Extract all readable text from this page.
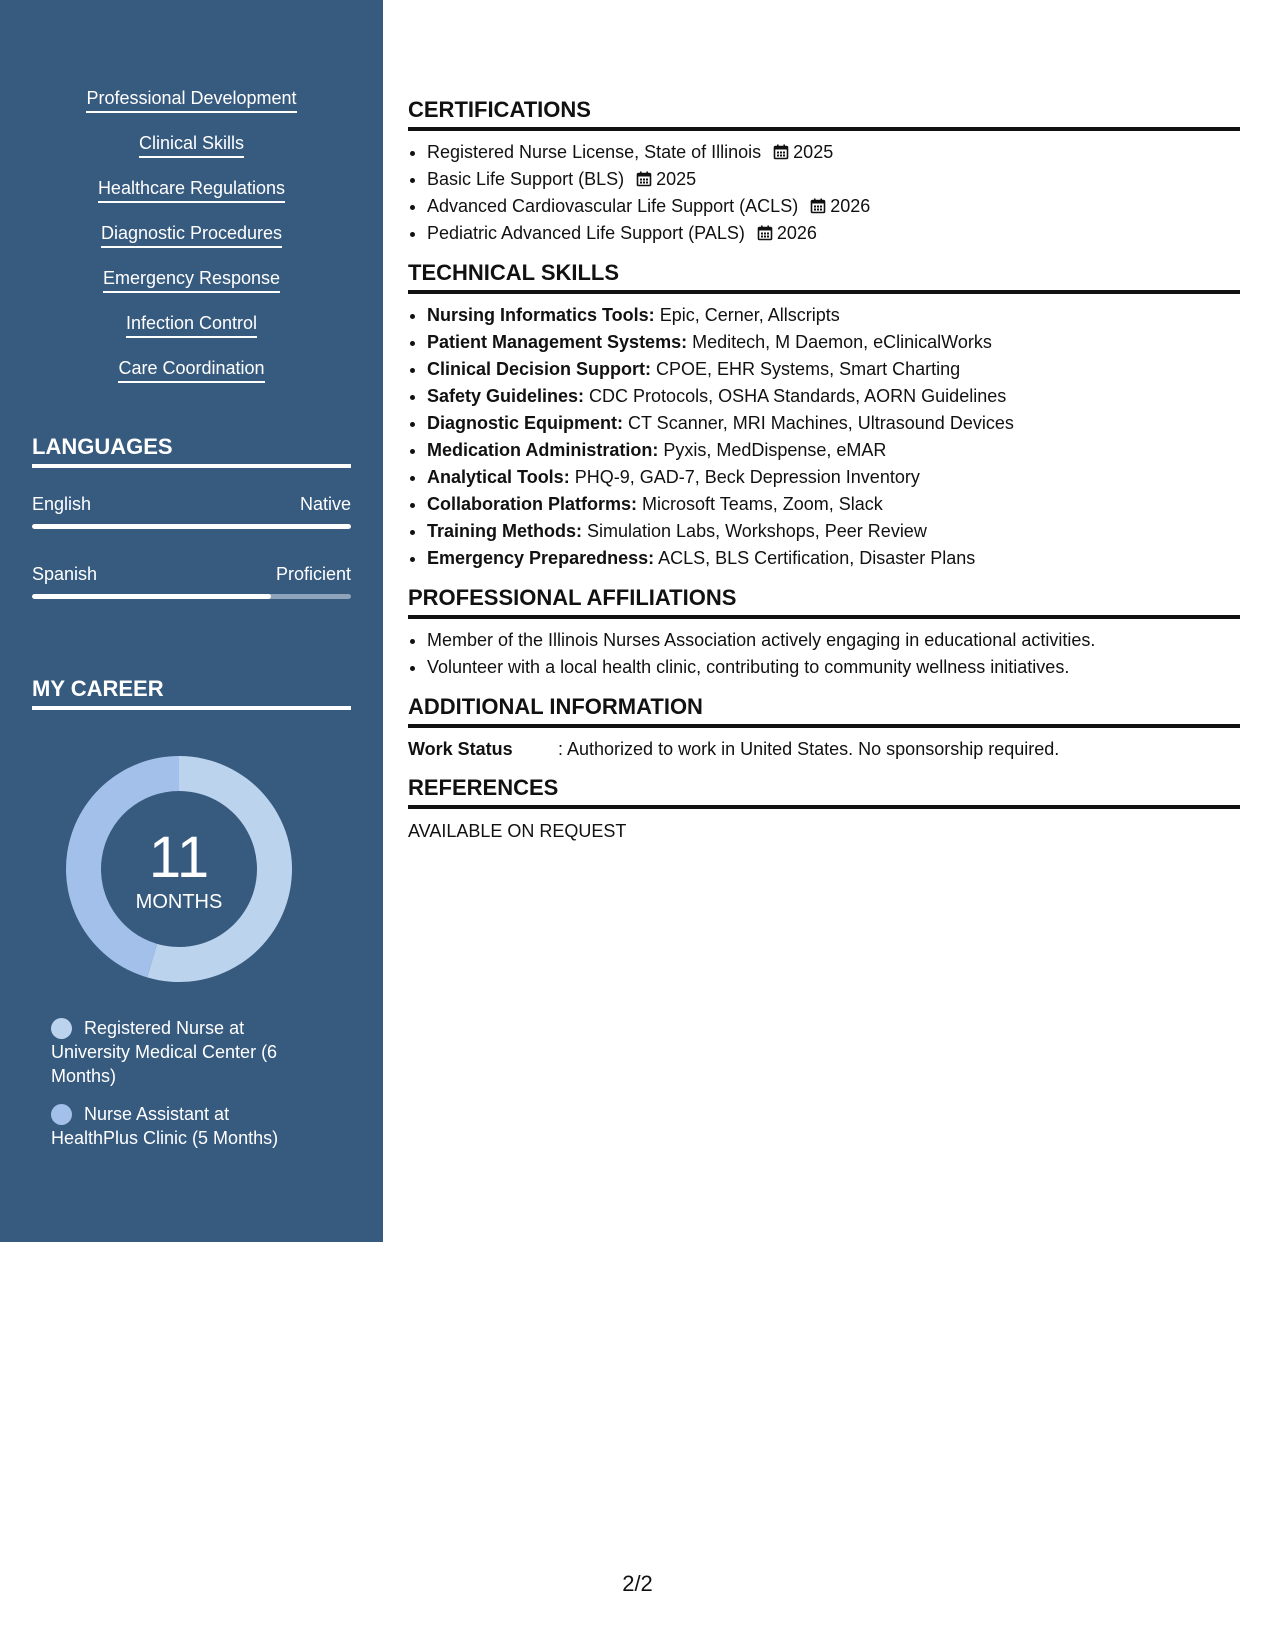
Professional Development
Clinical Skills
Healthcare Regulations
Diagnostic Procedures
Emergency Response
Infection Control
Care Coordination
LANGUAGES
English	Native
Spanish	Proficient
MY CAREER
11
MONTHS
Registered Nurse at University Medical Center (6 Months)
Nurse Assistant at HealthPlus Clinic (5 Months)
CERTIFICATIONS
• Registered Nurse License, State of Illinois 2025
• Basic Life Support (BLS) 2025
• Advanced Cardiovascular Life Support (ACLS) 2026
• Pediatric Advanced Life Support (PALS) 2026
TECHNICAL SKILLS
• Nursing Informatics Tools: Epic, Cerner, Allscripts
• Patient Management Systems: Meditech, M Daemon, eClinicalWorks
• Clinical Decision Support: CPOE, EHR Systems, Smart Charting
• Safety Guidelines: CDC Protocols, OSHA Standards, AORN Guidelines
• Diagnostic Equipment: CT Scanner, MRI Machines, Ultrasound Devices
• Medication Administration: Pyxis, MedDispense, eMAR
• Analytical Tools: PHQ-9, GAD-7, Beck Depression Inventory
• Collaboration Platforms: Microsoft Teams, Zoom, Slack
• Training Methods: Simulation Labs, Workshops, Peer Review
• Emergency Preparedness: ACLS, BLS Certification, Disaster Plans
PROFESSIONAL AFFILIATIONS
• Member of the Illinois Nurses Association actively engaging in educational activities.
• Volunteer with a local health clinic, contributing to community wellness initiatives.
ADDITIONAL INFORMATION
Work Status	: Authorized to work in United States. No sponsorship required.
REFERENCES
AVAILABLE ON REQUEST
2/2
